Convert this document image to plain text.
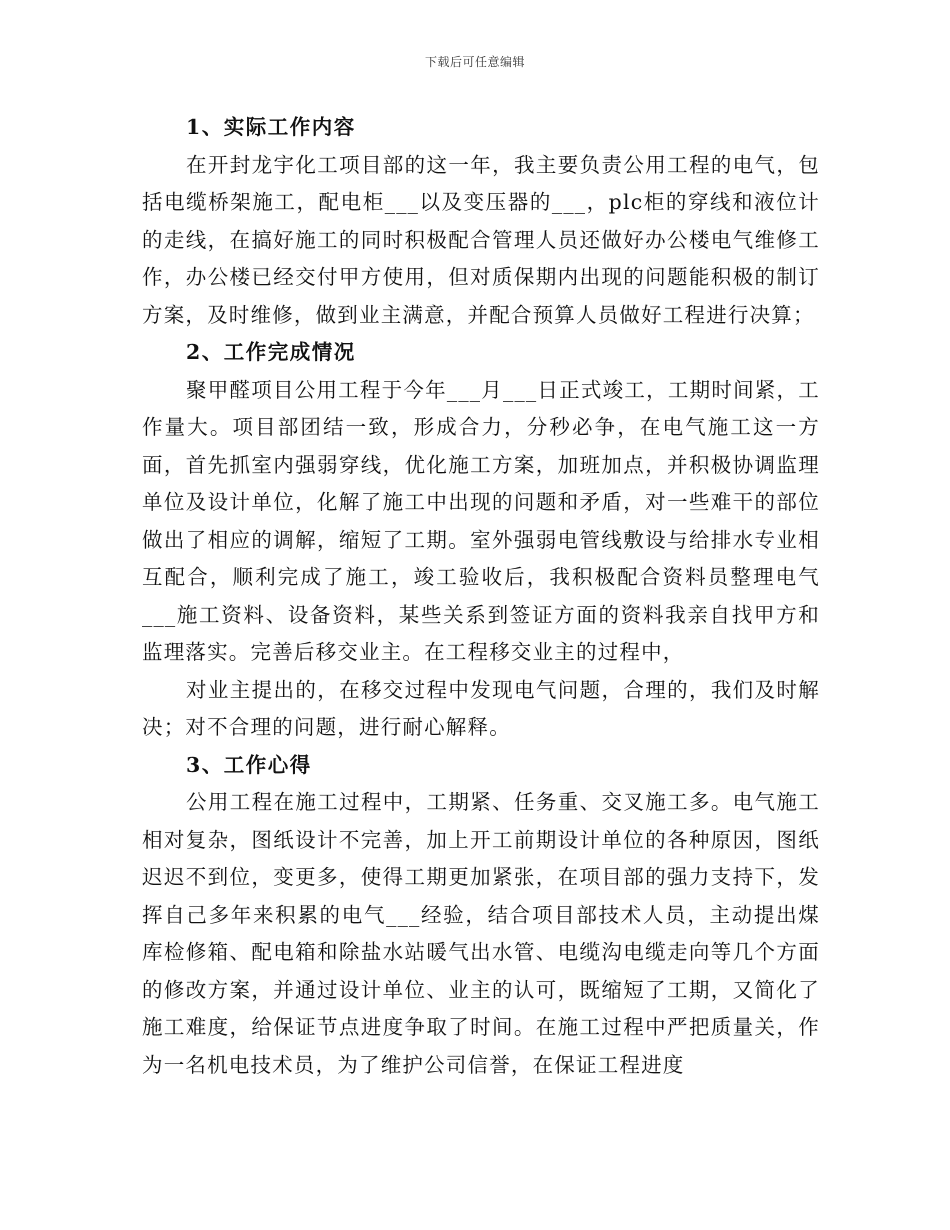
下载后可任意编辑

1、实际工作内容

在开封龙宇化工项目部的这一年，我主要负责公用工程的电气，包括电缆桥架施工，配电柜___以及变压器的___，plc柜的穿线和液位计的走线，在搞好施工的同时积极配合管理人员还做好办公楼电气维修工作，办公楼已经交付甲方使用，但对质保期内出现的问题能积极的制订方案，及时维修，做到业主满意，并配合预算人员做好工程进行决算；

2、工作完成情况

聚甲醛项目公用工程于今年___月___日正式竣工，工期时间紧，工作量大。项目部团结一致，形成合力，分秒必争，在电气施工这一方面，首先抓室内强弱穿线，优化施工方案，加班加点，并积极协调监理单位及设计单位，化解了施工中出现的问题和矛盾，对一些难干的部位做出了相应的调解，缩短了工期。室外强弱电管线敷设与给排水专业相互配合，顺利完成了施工，竣工验收后，我积极配合资料员整理电气___施工资料、设备资料，某些关系到签证方面的资料我亲自找甲方和监理落实。完善后移交业主。在工程移交业主的过程中，

对业主提出的，在移交过程中发现电气问题，合理的，我们及时解决；对不合理的问题，进行耐心解释。

3、工作心得

公用工程在施工过程中，工期紧、任务重、交叉施工多。电气施工相对复杂，图纸设计不完善，加上开工前期设计单位的各种原因，图纸迟迟不到位，变更多，使得工期更加紧张，在项目部的强力支持下，发挥自己多年来积累的电气___经验，结合项目部技术人员，主动提出煤库检修箱、配电箱和除盐水站暖气出水管、电缆沟电缆走向等几个方面的修改方案，并通过设计单位、业主的认可，既缩短了工期，又简化了施工难度，给保证节点进度争取了时间。在施工过程中严把质量关，作为一名机电技术员，为了维护公司信誉，在保证工程进度
